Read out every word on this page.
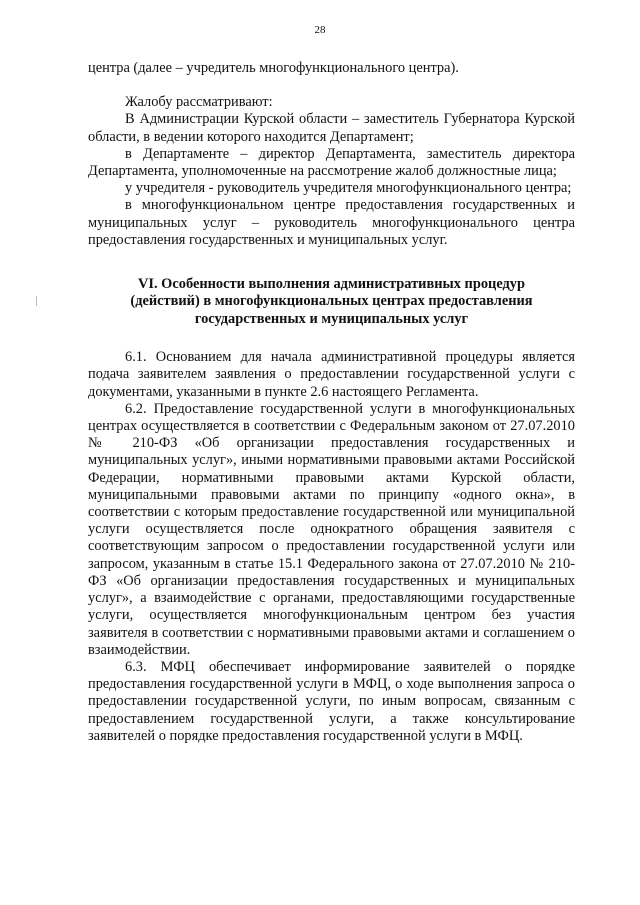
28

центра (далее – учредитель многофункционального центра).

Жалобу рассматривают:

В Администрации Курской области – заместитель Губернатора Курской области, в ведении которого находится Департамент;

в Департаменте – директор Департамента, заместитель директора Департамента, уполномоченные на рассмотрение жалоб должностные лица;

у учредителя - руководитель учредителя многофункционального центра;

в многофункциональном центре предоставления государственных и муниципальных услуг – руководитель многофункционального центра предоставления государственных и муниципальных услуг.

VI. Особенности выполнения административных процедур (действий) в многофункциональных центрах предоставления государственных и муниципальных услуг

6.1. Основанием для начала административной процедуры является подача заявителем заявления о предоставлении государственной услуги с документами, указанными в пункте 2.6 настоящего Регламента.

6.2. Предоставление государственной услуги в многофункциональных центрах осуществляется в соответствии с Федеральным законом от 27.07.2010 № 210-ФЗ «Об организации предоставления государственных и муниципальных услуг», иными нормативными правовыми актами Российской Федерации, нормативными правовыми актами Курской области, муниципальными правовыми актами по принципу «одного окна», в соответствии с которым предоставление государственной или муниципальной услуги осуществляется после однократного обращения заявителя с соответствующим запросом о предоставлении государственной услуги или запросом, указанным в статье 15.1 Федерального закона от 27.07.2010 № 210-ФЗ «Об организации предоставления государственных и муниципальных услуг», а взаимодействие с органами, предоставляющими государственные услуги, осуществляется многофункциональным центром без участия заявителя в соответствии с нормативными правовыми актами и соглашением о взаимодействии.

6.3. МФЦ обеспечивает информирование заявителей о порядке предоставления государственной услуги в МФЦ, о ходе выполнения запроса о предоставлении государственной услуги, по иным вопросам, связанным с предоставлением государственной услуги, а также консультирование заявителей о порядке предоставления государственной услуги в МФЦ.
